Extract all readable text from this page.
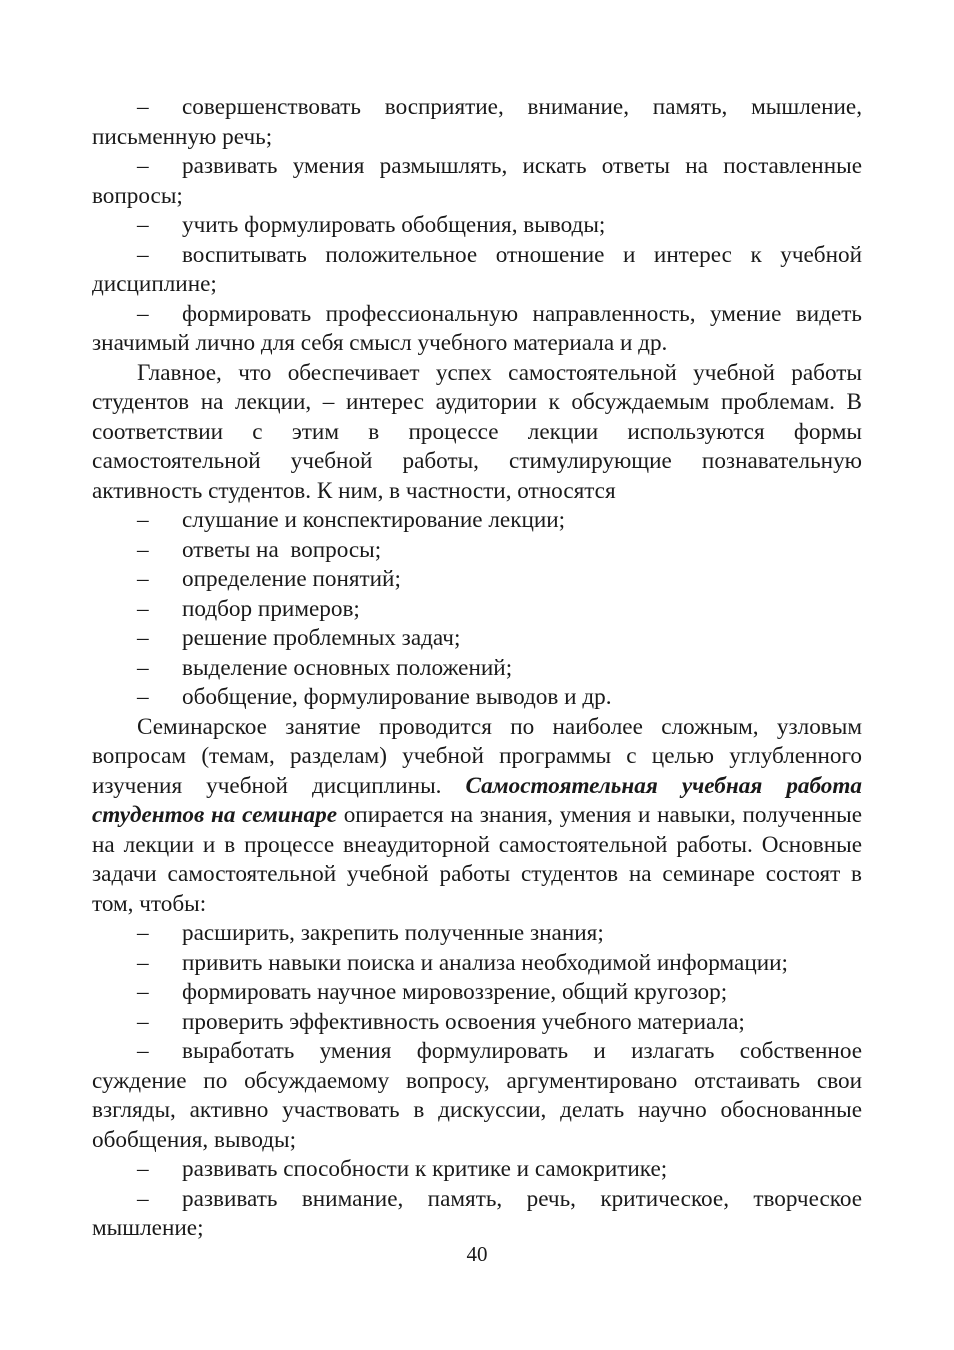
– совершенствовать восприятие, внимание, память, мышление, письменную речь;

– развивать умения размышлять, искать ответы на поставленные вопросы;

– учить формулировать обобщения, выводы;

– воспитывать положительное отношение и интерес к учебной дисциплине;

– формировать профессиональную направленность, умение видеть значимый лично для себя смысл учебного материала и др.

Главное, что обеспечивает успех самостоятельной учебной работы студентов на лекции, – интерес аудитории к обсуждаемым проблемам. В соответствии с этим в процессе лекции используются формы самостоятельной учебной работы, стимулирующие познавательную активность студентов. К ним, в частности, относятся

– слушание и конспектирование лекции;

– ответы на  вопросы;

– определение понятий;

– подбор примеров;

– решение проблемных задач;

– выделение основных положений;

– обобщение, формулирование выводов и др.

Семинарское занятие проводится по наиболее сложным, узловым вопросам (темам, разделам) учебной программы с целью углубленного изучения учебной дисциплины. Самостоятельная учебная работа студентов на семинаре опирается на знания, умения и навыки, полученные на лекции и в процессе внеаудиторной самостоятельной работы. Основные задачи самостоятельной учебной работы студентов на семинаре состоят в том, чтобы:

– расширить, закрепить полученные знания;

– привить навыки поиска и анализа необходимой информации;

– формировать научное мировоззрение, общий кругозор;

– проверить эффективность освоения учебного материала;

– выработать умения формулировать и излагать собственное суждение по обсуждаемому вопросу, аргументировано отстаивать свои взгляды, активно участвовать в дискуссии, делать научно обоснованные обобщения, выводы;

– развивать способности к критике и самокритике;

– развивать внимание, память, речь, критическое, творческое мышление;

40
